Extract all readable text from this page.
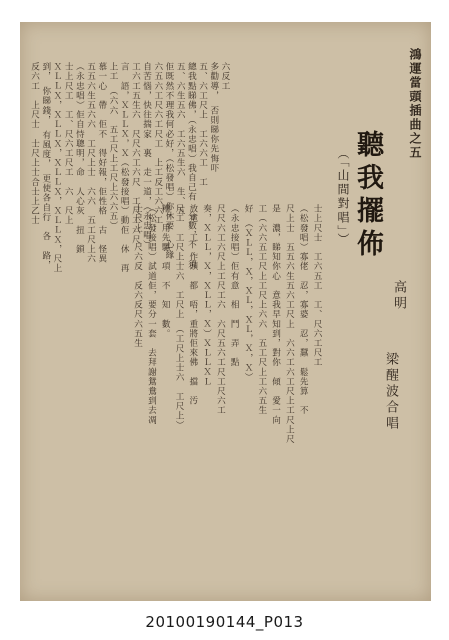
鴻運當頭插曲之五
聽我擺佈
高明
梁醒波合唱
（「山間對唱」）
士上尺士　工六五工　工、尺六工尺工
（松發唱）寡佬　忍，寡婆　忍，蠶　鬆先算　不
尺上士　五五六生五六工尺上　六六工六工尺上工尺上尺
是　濃，睇知你心　意我早知到，對你　傾　愛一向
工（六六五工尺上工尺上六六　五工尺上工六五生
好　（ＸＬＬ，Ｘ，ＸＬ，ＸＬ，Ｘ，Ｘ）
（永忠接唱）佢有意　相　鬥　弄　點
尺尺六工六尺上工尺工六　六尺五六工尺工尺六工
奏，ＸＬＬ，Ｘ，ＸＬＬ，Ｘ）ＸＬＬＸＬ
放電　工　作頭　都　唔，重將佢來佛　擋　汚
尺工　工尺上士六　工尺上　（工尺上士六　工尺上）
糟，用先驅　項　不　知　數。
（松發接唱）試道佢，要分一套　去拜謝鴛鴦到去凋
士尺上　尺六反　反六反尺六五生
反六工　上尺士　士尺上士合士上乙士 到，　你睇錢，　有風度，　更使各自行　各　路， ＸＬＬＸ，ＸＬＬＸ，ＸＬＬＸ，ＸＬＬＸ，尺上 士上尺工　工、尺六工尺工　六　尺上 （永忠唱）佢自恃聰明，命　人心灰　扭　鎖 五五六生五六六　工尺上士　六六　五工尺上六 慕一心　帶　佢不　得好報，佢性格　古　怪異 上工　（六六　五工尺上工尺上六六五） 言　語，ＸＬＬＸ，Ｘ（松發接唱）動佢　休　再 工六工五生六　尺尺六工六尺　工尺工六尺 自苦惱，快往揣家　裏　走一道，（永忠唱） 六五六工尺六工尺工　上工反工六六工 佢既然不理我何必好，（松發唱）你休要　心緣 五、六生五六　工六五生六　生、五 總我點睇佛，（永忠唱）我自己有　分數，不　須 五、六工尺上　工六六工　工 多勸導，　否則睇你先悔吓 六反工
20100190144_P013
